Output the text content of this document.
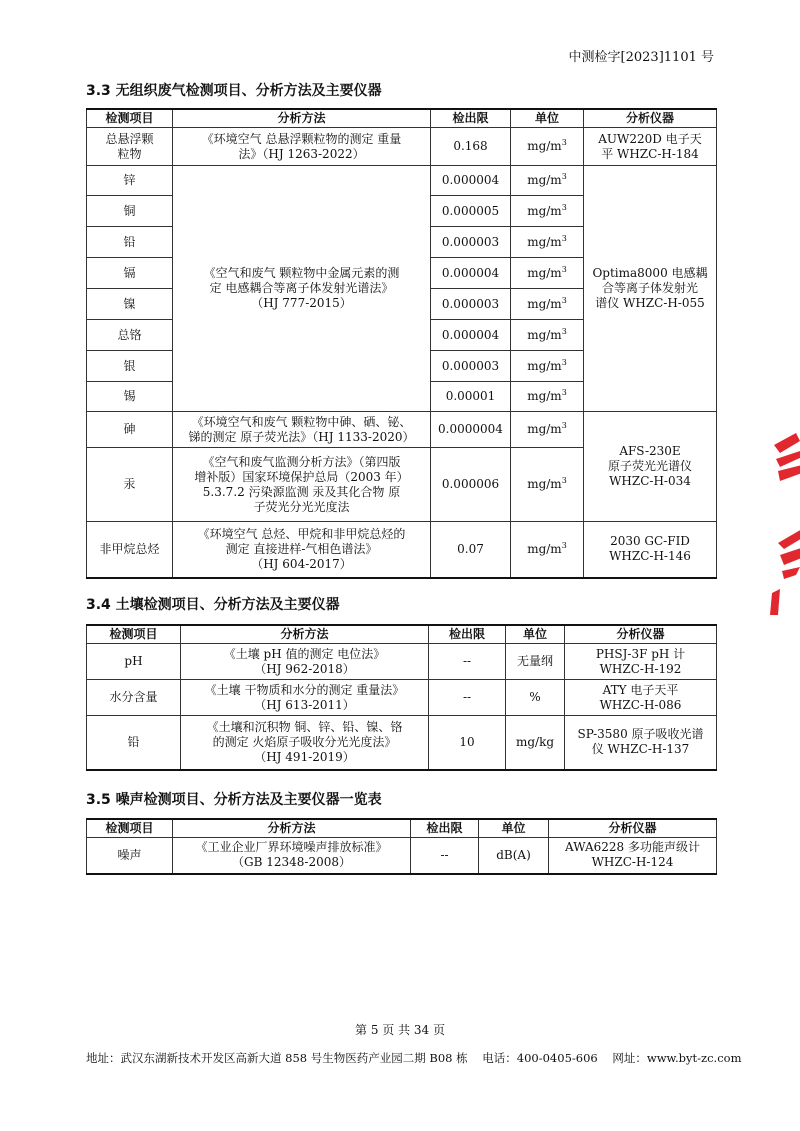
中测检字[2023]1101 号
3.3 无组织废气检测项目、分析方法及主要仪器
检测项目	分析方法	检出限	单位	分析仪器
总悬浮颗
粒物	《环境空气 总悬浮颗粒物的测定 重量
法》（HJ 1263-2022）	0.168	$mg/m^3$	AUW220D 电子天
平 WHZC-H-184
锌	《空气和废气 颗粒物中金属元素的测
定 电感耦合等离子体发射光谱法》
（HJ 777-2015）	0.000004	$mg/m^3$	Optima8000 电感耦
合等离子体发射光
谱仪 WHZC-H-055
铜		0.000005	$mg/m^3$
铅		0.000003	$mg/m^3$
镉		0.000004	$mg/m^3$
镍		0.000003	$mg/m^3$
总铬		0.000004	$mg/m^3$
银		0.000003	$mg/m^3$
锡		0.00001	$mg/m^3$
砷	《环境空气和废气 颗粒物中砷、硒、铋、
锑的测定 原子荧光法》（HJ 1133-2020）	0.0000004	$mg/m^3$	AFS-230E
原子荧光光谱仪
WHZC-H-034
汞	《空气和废气监测分析方法》（第四版
增补版）国家环境保护总局（2003 年）
5.3.7.2 污染源监测 汞及其化合物 原
子荧光分光光度法	0.000006	$mg/m^3$
非甲烷总烃	《环境空气 总烃、甲烷和非甲烷总烃的
测定 直接进样-气相色谱法》
（HJ 604-2017）	0.07	$mg/m^3$	2030 GC-FID
WHZC-H-146
3.4 土壤检测项目、分析方法及主要仪器
检测项目	分析方法	检出限	单位	分析仪器
pH	《土壤 pH 值的测定 电位法》
（HJ 962-2018）	--	无量纲	PHSJ-3F pH 计
WHZC-H-192
水分含量	《土壤 干物质和水分的测定 重量法》
（HJ 613-2011）	--	%	ATY 电子天平
WHZC-H-086
铅	《土壤和沉积物 铜、锌、铅、镍、铬
的测定 火焰原子吸收分光光度法》
（HJ 491-2019）	10	mg/kg	SP-3580 原子吸收光谱
仪 WHZC-H-137
3.5 噪声检测项目、分析方法及主要仪器一览表
检测项目	分析方法	检出限	单位	分析仪器
噪声	《工业企业厂界环境噪声排放标准》
（GB 12348-2008）	--	dB(A)	AWA6228 多功能声级计
WHZC-H-124
第 5 页 共 34 页
地址：武汉东湖新技术开发区高新大道 858 号生物医药产业园二期 B08 栋 电话：400-0405-606 网址：www.byt-zc.com
